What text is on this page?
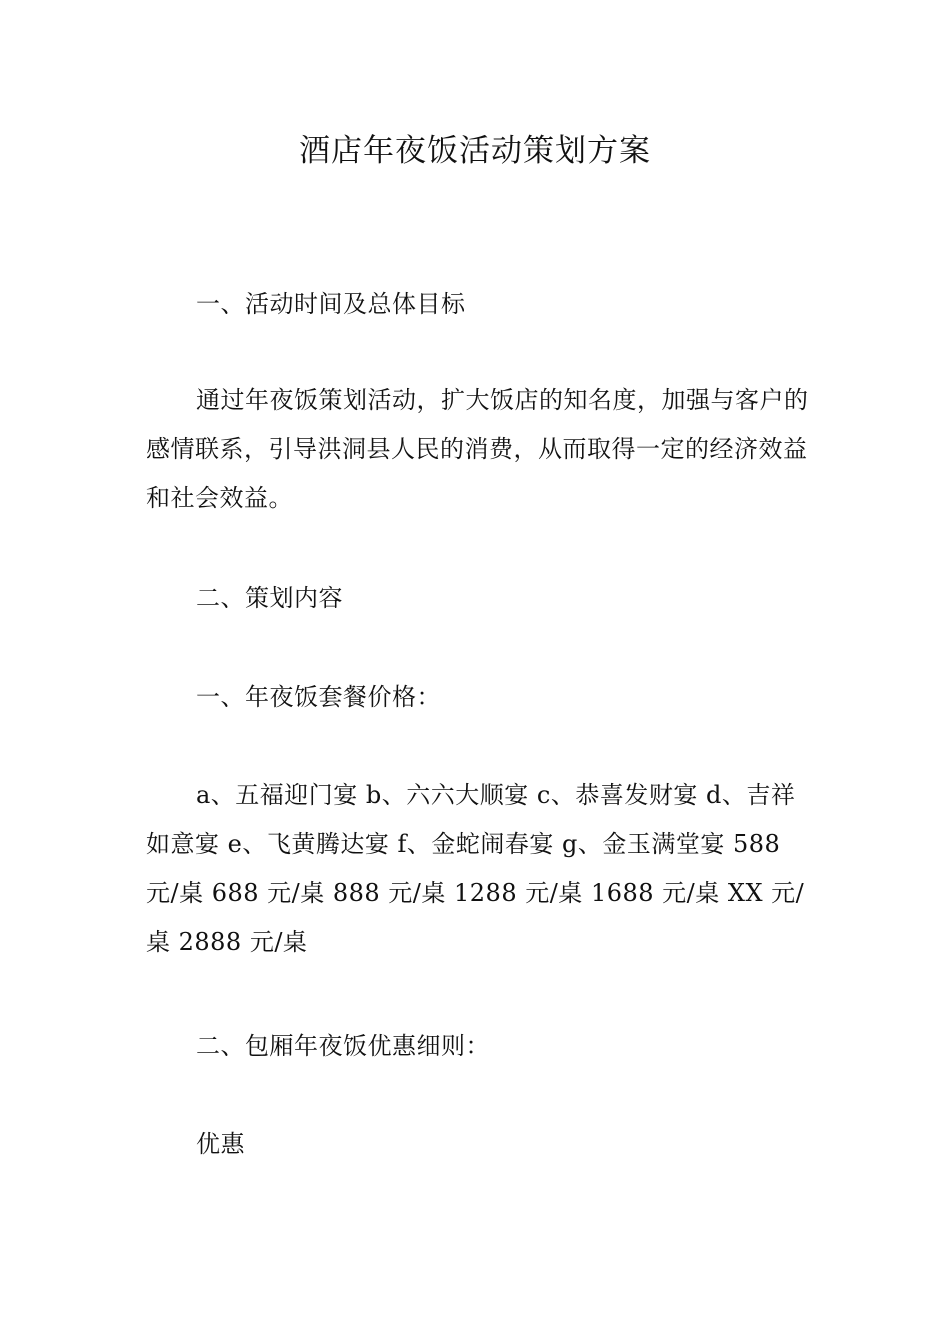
酒店年夜饭活动策划方案

一、活动时间及总体目标

通过年夜饭策划活动，扩大饭店的知名度，加强与客户的感情联系，引导洪洞县人民的消费，从而取得一定的经济效益和社会效益。

二、策划内容

一、年夜饭套餐价格：

a、五福迎门宴 b、六六大顺宴 c、恭喜发财宴 d、吉祥如意宴 e、飞黄腾达宴 f、金蛇闹春宴 g、金玉满堂宴 588 元/桌 688 元/桌 888 元/桌 1288 元/桌 1688 元/桌 XX 元/桌 2888 元/桌

二、包厢年夜饭优惠细则：

优惠
